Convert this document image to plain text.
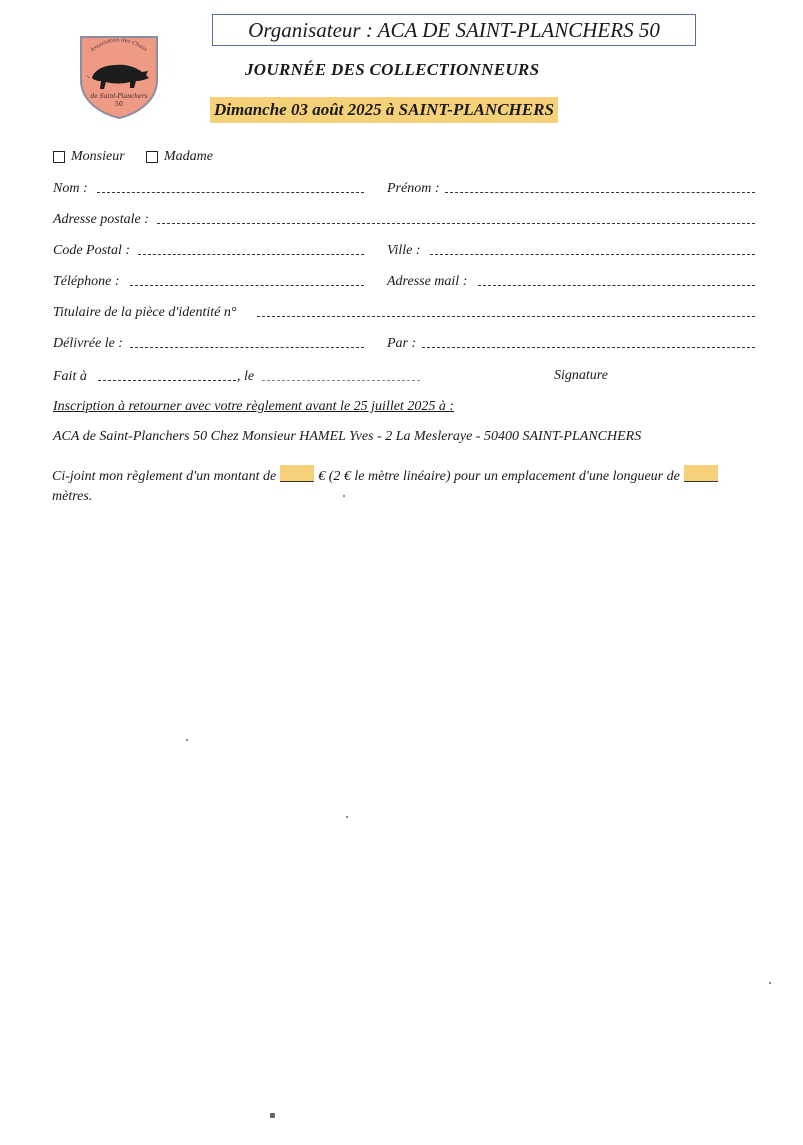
Association des Chass
de Saint-Planchers
50
Organisateur : ACA DE SAINT-PLANCHERS 50
JOURNÉE DES COLLECTIONNEURS
Dimanche 03 août 2025 à SAINT-PLANCHERS
Monsieur	Madame
Nom :	Prénom :
Adresse postale :
Code Postal :	Ville :
Téléphone :	Adresse mail :
Titulaire de la pièce d'identité n°
Délivrée le :	Par :
Fait à	, le	Signature
Inscription à retourner avec votre règlement avant le 25 juillet 2025 à :
ACA de Saint-Planchers 50 Chez Monsieur HAMEL Yves - 2 La Mesleraye - 50400 SAINT-PLANCHERS
Ci-joint mon règlement d'un montant de	€ (2 € le mètre linéaire) pour un emplacement d'une longueur de
mètres.
